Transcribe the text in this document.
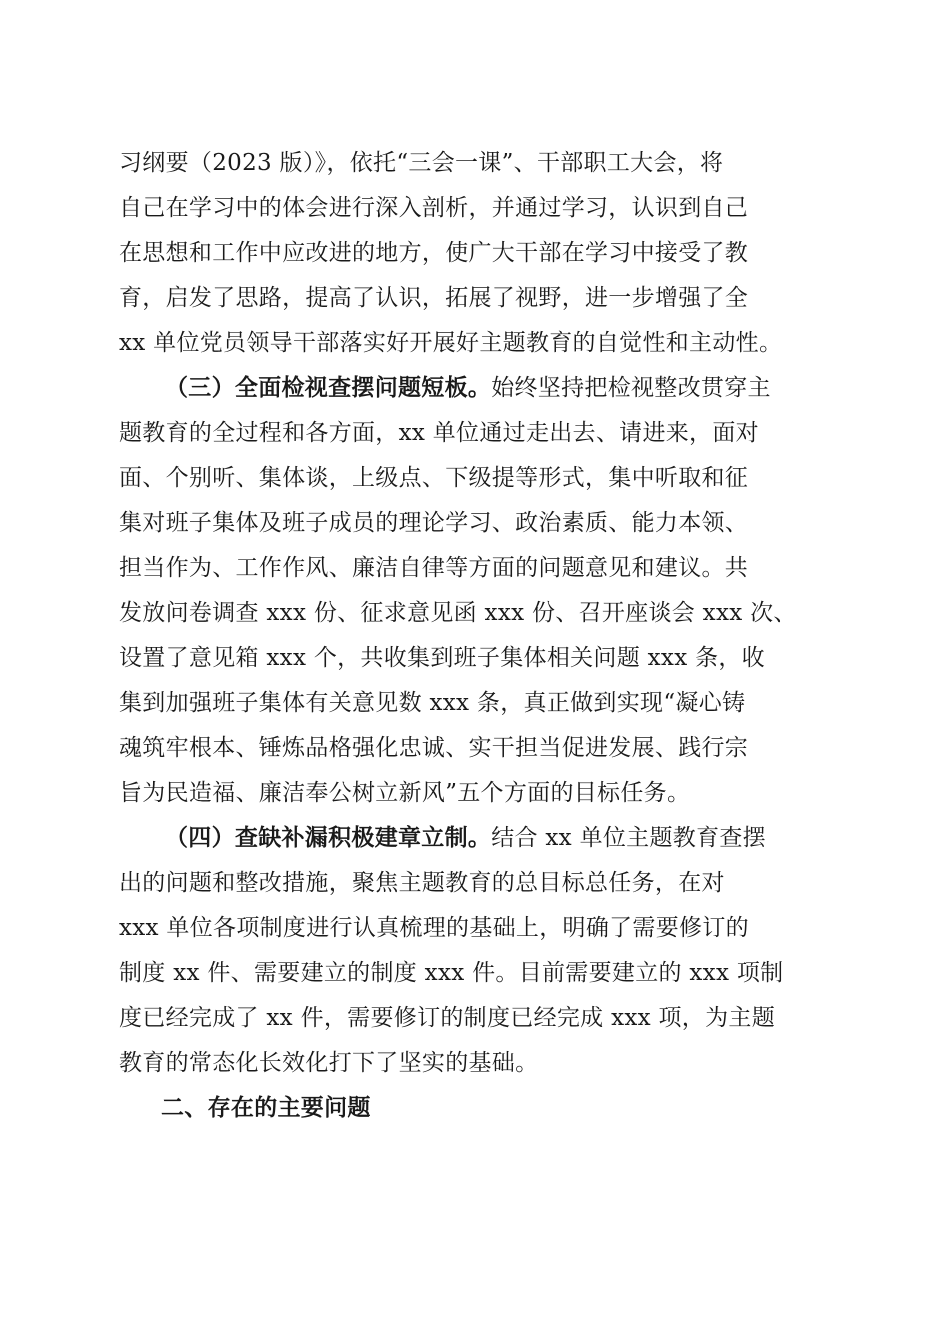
习纲要（2023 版）》，依托“三会一课”、干部职工大会，将
自己在学习中的体会进行深入剖析，并通过学习，认识到自己
在思想和工作中应改进的地方，使广大干部在学习中接受了教
育，启发了思路，提高了认识，拓展了视野，进一步增强了全
xx 单位党员领导干部落实好开展好主题教育的自觉性和主动性。
（三）全面检视查摆问题短板。始终坚持把检视整改贯穿主
题教育的全过程和各方面，xx 单位通过走出去、请进来，面对
面、个别听、集体谈，上级点、下级提等形式，集中听取和征
集对班子集体及班子成员的理论学习、政治素质、能力本领、
担当作为、工作作风、廉洁自律等方面的问题意见和建议。共
发放问卷调查 xxx 份、征求意见函 xxx 份、召开座谈会 xxx 次、
设置了意见箱 xxx 个，共收集到班子集体相关问题 xxx 条，收
集到加强班子集体有关意见数 xxx 条，真正做到实现“凝心铸
魂筑牢根本、锤炼品格强化忠诚、实干担当促进发展、践行宗
旨为民造福、廉洁奉公树立新风”五个方面的目标任务。
（四）查缺补漏积极建章立制。结合 xx 单位主题教育查摆
出的问题和整改措施，聚焦主题教育的总目标总任务，在对
xxx 单位各项制度进行认真梳理的基础上，明确了需要修订的
制度 xx 件、需要建立的制度 xxx 件。目前需要建立的 xxx 项制
度已经完成了 xx 件，需要修订的制度已经完成 xxx 项，为主题
教育的常态化长效化打下了坚实的基础。
二、存在的主要问题
